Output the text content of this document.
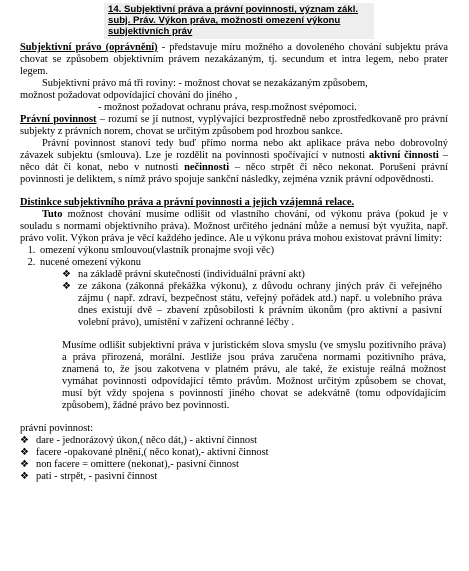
14. Subjektivní práva a právní povinnosti, význam zákl. subj. Práv. Výkon práva, možnosti omezení výkonu subjektivních práv

Subjektivní právo (oprávnění) - představuje míru možného a dovoleného chování subjektu práva chovat se způsobem objektivním právem nezakázaným, tj. secundum et intra legem, nebo prater legem.

Subjektivní právo má tři roviny: - možnost chovat se nezakázaným způsobem,

možnost požadovat odpovídající chování do jiného ,

- možnost požadovat ochranu práva, resp.možnost svépomoci.

Právní povinnost – rozumí se jí nutnost, vyplývající bezprostředně nebo zprostředkovaně pro právní subjekty z právních norem, chovat se určitým způsobem pod hrozbou sankce.

Právní povinnost stanoví tedy buď přímo norma nebo akt aplikace práva nebo dobrovolný závazek subjektu (smlouva). Lze je rozdělit na povinnosti spočívající v nutnosti aktivní činnosti – něco dát či konat, nebo v nutnosti nečinnosti – něco strpět či něco nekonat. Porušení právní povinnosti je deliktem, s nímž právo spojuje sankční následky, zejména vznik právní odpovědnosti.

Distinkce subjektivního práva a právní povinnosti a jejich vzájemná relace.

Tuto možnost chování musíme odlišit od vlastního chování, od výkonu práva (pokud je v souladu s normami objektivního práva). Možnost určitého jednání může a nemusí být využita, např. právo volit. Výkon práva je věcí každého jedince. Ale u výkonu práva mohou existovat právní limity:

1. omezení výkonu smlouvou(vlastník pronajme svoji věc)
2. nucené omezení výkonu
❖ na základě právní skutečnosti (individuální právní akt)
❖ ze zákona (zákonná překážka výkonu), z důvodu ochrany jiných práv či veřejného zájmu ( např. zdraví, bezpečnost státu, veřejný pořádek atd.) např. u volebního práva dnes existují dvě – zbavení způsobilosti k právním úkonům (pro aktivní a pasivní volební právo), umístění v zařízení ochranné léčby .

Musíme odlišit subjektivní práva v juristickém slova smyslu (ve smyslu pozitivního práva) a práva přirozená, morální. Jestliže jsou práva zaručena normami pozitivního práva, znamená to, že jsou zakotvena v platném právu, ale také, že existuje reálná možnost vymáhat povinnosti odpovídající těmto právům. Možnost určitým způsobem se chovat, musí být vždy spojena s povinností jiného chovat se adekvátně (tomu odpovídajícím způsobem), žádné právo bez povinnosti.

právní povinnost:

❖ dare - jednorázový úkon,( něco dát,) - aktivní činnost
❖ facere -opakované plnění,( něco konat),- aktivní činnost
❖ non facere = omittere (nekonat),- pasivní činnost
❖ pati - strpět, - pasivní činnost
